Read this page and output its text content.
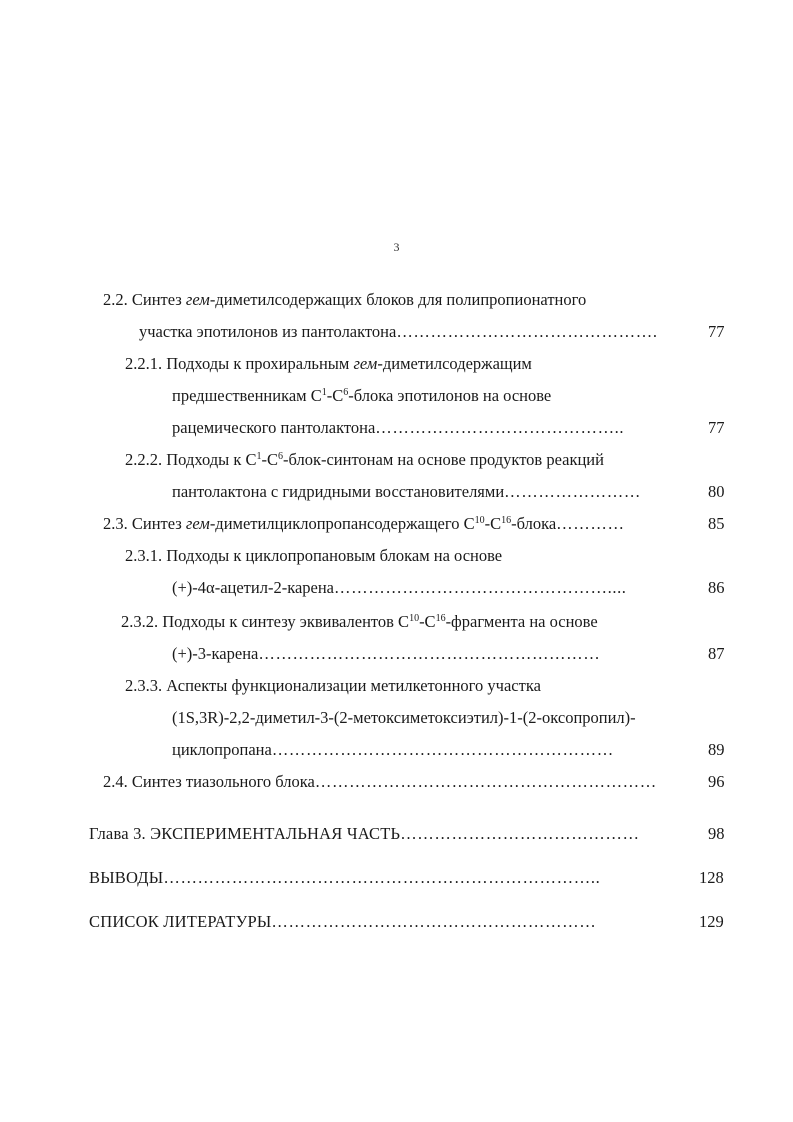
3
2.2. Синтез гем-диметилсодержащих блоков для полипропионатного
участка эпотилонов из пантолактона……………………………………….	77
2.2.1. Подходы к прохиральным гем-диметилсодержащим
предшественникам $C^1-C^6$-блока эпотилонов на основе
рацемического пантолактона……………………………………..	77
2.2.2. Подходы к $C^1-C^6-блок$-синтонам на основе продуктов реакций
пантолактона с гидридными восстановителями……………………	80
2.3. Синтез гем-диметилциклопропансодержащего $C^{10}-C^{16}-блока\dots\dots\dots\dots$	85
2.3.1. Подходы к циклопропановым блокам на основе
(+)-4α-ацетил-2-карена…………………………………………....	86
2.3.2. Подходы к синтезу эквивалентов $C^{10}-C^{16}$-фрагмента на основе
(+)-3-карена……………………………………………………	87
2.3.3. Аспекты функционализации метилкетонного участка
(1S,3R)-2,2-диметил-3-(2-метоксиметоксиэтил)-1-(2-оксопропил)-
циклопропана……………………………………………………	89
2.4. Синтез тиазольного блока……………………………………………………	96
Глава 3. ЭКСПЕРИМЕНТАЛЬНАЯ ЧАСТЬ……………………………………	98
ВЫВОДЫ…………………………………………………………………..	128
СПИСОК ЛИТЕРАТУРЫ…………………………………………………	129
